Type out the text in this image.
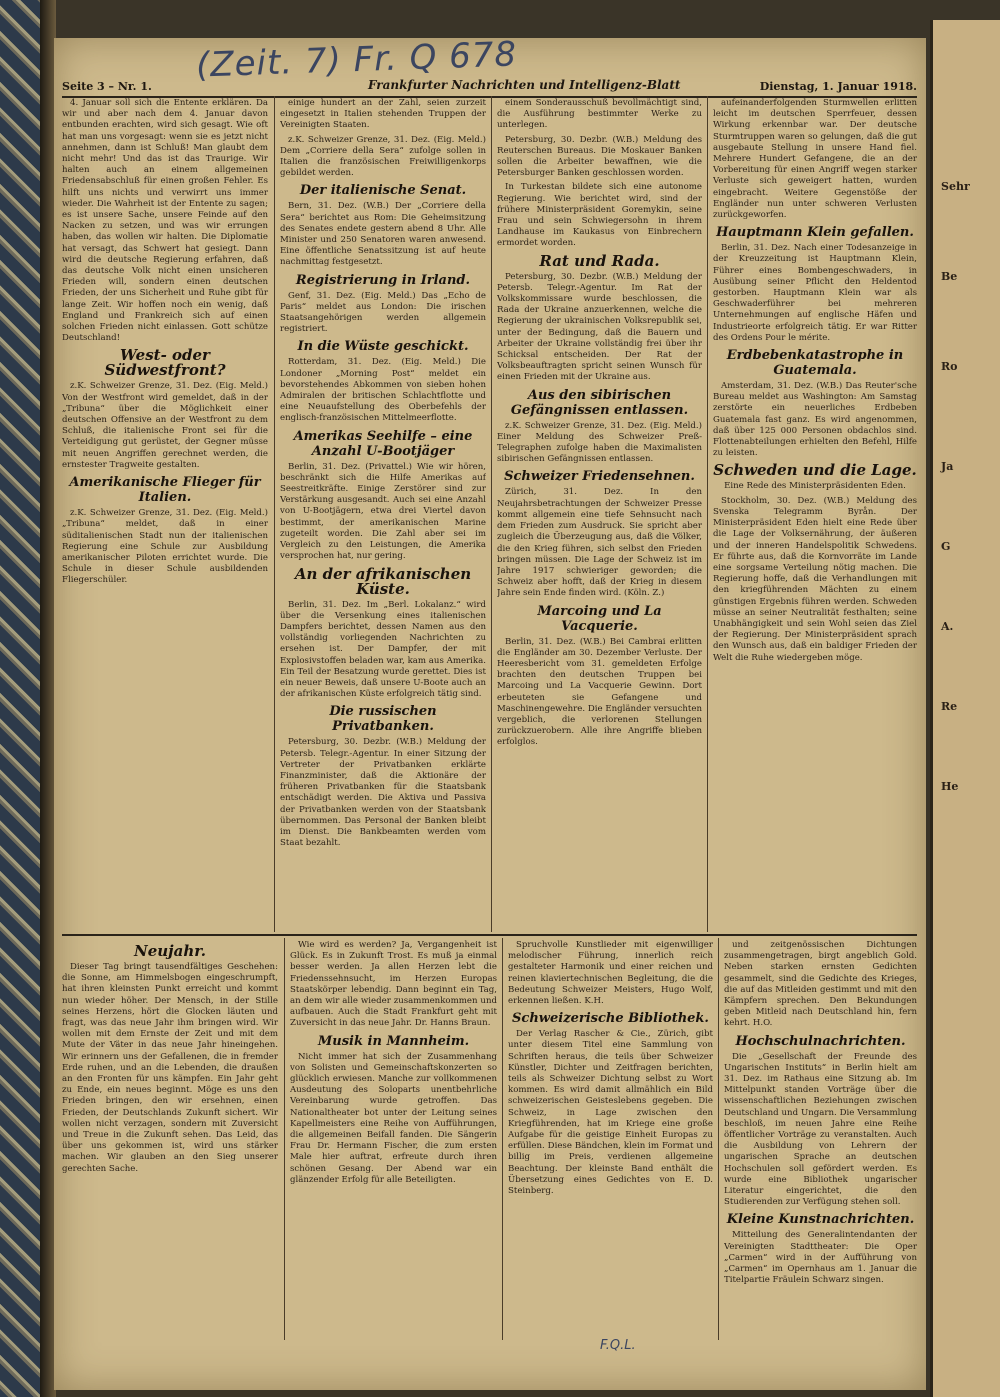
Sehr
Be
Ro
Ja
G
A.
Re
He
(Zeit. 7) Fr. Q 678
Seite 3 – Nr. 1.	Frankfurter Nachrichten und Intelligenz-Blatt	Dienstag, 1. Januar 1918.

4. Januar soll sich die Entente erklären. Da wir und aber nach dem 4. Januar davon entbunden erachten, wird sich gesagt. Wie oft hat man uns vorgesagt: wenn sie es jetzt nicht annehmen, dann ist Schluß! Man glaubt dem nicht mehr! Und das ist das Traurige. Wir halten auch an einem allgemeinen Friedensabschluß für einen großen Fehler. Es hilft uns nichts und verwirrt uns immer wieder. Die Wahrheit ist der Entente zu sagen; es ist unsere Sache, unsere Feinde auf den Nacken zu setzen, und was wir errungen haben, das wollen wir halten. Die Diplomatie hat versagt, das Schwert hat gesiegt. Dann wird die deutsche Regierung erfahren, daß das deutsche Volk nicht einen unsicheren Frieden will, sondern einen deutschen Frieden, der uns Sicherheit und Ruhe gibt für lange Zeit. Wir hoffen noch ein wenig, daß England und Frankreich sich auf einen solchen Frieden nicht einlassen. Gott schütze Deutschland!

West- oder Südwestfront?

z.K. Schweizer Grenze, 31. Dez. (Eig. Meld.) Von der Westfront wird gemeldet, daß in der „Tribuna“ über die Möglichkeit einer deutschen Offensive an der Westfront zu dem Schluß, die italienische Front sei für die Verteidigung gut gerüstet, der Gegner müsse mit neuen Angriffen gerechnet werden, die ernstester Tragweite gestalten.

Amerikanische Flieger für Italien.

z.K. Schweizer Grenze, 31. Dez. (Eig. Meld.) „Tribuna“ meldet, daß in einer süditalienischen Stadt nun der italienischen Regierung eine Schule zur Ausbildung amerikanischer Piloten errichtet wurde. Die Schule in dieser Schule ausbildenden Fliegerschüler.

einige hundert an der Zahl, seien zurzeit eingesetzt in Italien stehenden Truppen der Vereinigten Staaten.

z.K. Schweizer Grenze, 31. Dez. (Eig. Meld.) Dem „Corriere della Sera“ zufolge sollen in Italien die französischen Freiwilligenkorps gebildet werden.

Der italienische Senat.

Bern, 31. Dez. (W.B.) Der „Corriere della Sera“ berichtet aus Rom: Die Geheimsitzung des Senates endete gestern abend 8 Uhr. Alle Minister und 250 Senatoren waren anwesend. Eine öffentliche Senatssitzung ist auf heute nachmittag festgesetzt.

Registrierung in Irland.

Genf, 31. Dez. (Eig. Meld.) Das „Echo de Paris“ meldet aus London: Die irischen Staatsangehörigen werden allgemein registriert.

In die Wüste geschickt.

Rotterdam, 31. Dez. (Eig. Meld.) Die Londoner „Morning Post“ meldet ein bevorstehendes Abkommen von sieben hohen Admiralen der britischen Schlachtflotte und eine Neuaufstellung des Oberbefehls der englisch-französischen Mittelmeerflotte.

Amerikas Seehilfe – eine Anzahl U-Bootjäger

Berlin, 31. Dez. (Privattel.) Wie wir hören, beschränkt sich die Hilfe Amerikas auf Seestreitkräfte. Einige Zerstörer sind zur Verstärkung ausgesandt. Auch sei eine Anzahl von U-Bootjägern, etwa drei Viertel davon bestimmt, der amerikanischen Marine zugeteilt worden. Die Zahl aber sei im Vergleich zu den Leistungen, die Amerika versprochen hat, nur gering.

An der afrikanischen Küste.

Berlin, 31. Dez. Im „Berl. Lokalanz.“ wird über die Versenkung eines italienischen Dampfers berichtet, dessen Namen aus den vollständig vorliegenden Nachrichten zu ersehen ist. Der Dampfer, der mit Explosivstoffen beladen war, kam aus Amerika. Ein Teil der Besatzung wurde gerettet. Dies ist ein neuer Beweis, daß unsere U-Boote auch an der afrikanischen Küste erfolgreich tätig sind.

Die russischen Privatbanken.

Petersburg, 30. Dezbr. (W.B.) Meldung der Petersb. Telegr.-Agentur. In einer Sitzung der Vertreter der Privatbanken erklärte Finanzminister, daß die Aktionäre der früheren Privatbanken für die Staatsbank entschädigt werden. Die Aktiva und Passiva der Privatbanken werden von der Staatsbank übernommen. Das Personal der Banken bleibt im Dienst. Die Bankbeamten werden vom Staat bezahlt.

einem Sonderausschuß bevollmächtigt sind, die Ausführung bestimmter Werke zu unterlegen.

Petersburg, 30. Dezbr. (W.B.) Meldung des Reuterschen Bureaus. Die Moskauer Banken sollen die Arbeiter bewaffnen, wie die Petersburger Banken geschlossen worden.

In Turkestan bildete sich eine autonome Regierung. Wie berichtet wird, sind der frühere Ministerpräsident Goremykin, seine Frau und sein Schwiegersohn in ihrem Landhause im Kaukasus von Einbrechern ermordet worden.

Rat und Rada.

Petersburg, 30. Dezbr. (W.B.) Meldung der Petersb. Telegr.-Agentur. Im Rat der Volkskommissare wurde beschlossen, die Rada der Ukraine anzuerkennen, welche die Regierung der ukrainischen Volksrepublik sei, unter der Bedingung, daß die Bauern und Arbeiter der Ukraine vollständig frei über ihr Schicksal entscheiden. Der Rat der Volksbeauftragten spricht seinen Wunsch für einen Frieden mit der Ukraine aus.

Aus den sibirischen Gefängnissen entlassen.

z.K. Schweizer Grenze, 31. Dez. (Eig. Meld.) Einer Meldung des Schweizer Preß-Telegraphen zufolge haben die Maximalisten sibirischen Gefängnissen entlassen.

Schweizer Friedensehnen.

Zürich, 31. Dez. In den Neujahrsbetrachtungen der Schweizer Presse kommt allgemein eine tiefe Sehnsucht nach dem Frieden zum Ausdruck. Sie spricht aber zugleich die Überzeugung aus, daß die Völker, die den Krieg führen, sich selbst den Frieden bringen müssen. Die Lage der Schweiz ist im Jahre 1917 schwieriger geworden; die Schweiz aber hofft, daß der Krieg in diesem Jahre sein Ende finden wird. (Köln. Z.)

Marcoing und La Vacquerie.

Berlin, 31. Dez. (W.B.) Bei Cambrai erlitten die Engländer am 30. Dezember Verluste. Der Heeresbericht vom 31. gemeldeten Erfolge brachten den deutschen Truppen bei Marcoing und La Vacquerie Gewinn. Dort erbeuteten sie Gefangene und Maschinengewehre. Die Engländer versuchten vergeblich, die verlorenen Stellungen zurückzuerobern. Alle ihre Angriffe blieben erfolglos.

aufeinanderfolgenden Sturmwellen erlitten leicht im deutschen Sperrfeuer, dessen Wirkung erkennbar war. Der deutsche Sturmtruppen waren so gelungen, daß die gut ausgebaute Stellung in unsere Hand fiel. Mehrere Hundert Gefangene, die an der Vorbereitung für einen Angriff wegen starker Verluste sich geweigert hatten, wurden eingebracht. Weitere Gegenstöße der Engländer nun unter schweren Verlusten zurückgeworfen.

Hauptmann Klein gefallen.

Berlin, 31. Dez. Nach einer Todesanzeige in der Kreuzzeitung ist Hauptmann Klein, Führer eines Bombengeschwaders, in Ausübung seiner Pflicht den Heldentod gestorben. Hauptmann Klein war als Geschwaderführer bei mehreren Unternehmungen auf englische Häfen und Industrieorte erfolgreich tätig. Er war Ritter des Ordens Pour le mérite.

Erdbebenkatastrophe in Guatemala.

Amsterdam, 31. Dez. (W.B.) Das Reuter'sche Bureau meldet aus Washington: Am Samstag zerstörte ein neuerliches Erdbeben Guatemala fast ganz. Es wird angenommen, daß über 125 000 Personen obdachlos sind. Flottenabteilungen erhielten den Befehl, Hilfe zu leisten.

Schweden und die Lage.

Eine Rede des Ministerpräsidenten Eden.

Stockholm, 30. Dez. (W.B.) Meldung des Svenska Telegramm Byrån. Der Ministerpräsident Eden hielt eine Rede über die Lage der Volksernährung, der äußeren und der inneren Handelspolitik Schwedens. Er führte aus, daß die Kornvorräte im Lande eine sorgsame Verteilung nötig machen. Die Regierung hoffe, daß die Verhandlungen mit den kriegführenden Mächten zu einem günstigen Ergebnis führen werden. Schweden müsse an seiner Neutralität festhalten; seine Unabhängigkeit und sein Wohl seien das Ziel der Regierung. Der Ministerpräsident sprach den Wunsch aus, daß ein baldiger Frieden der Welt die Ruhe wiedergeben möge.

Neujahr.

Dieser Tag bringt tausendfältiges Geschehen: die Sonne, am Himmelsbogen eingeschrumpft, hat ihren kleinsten Punkt erreicht und kommt nun wieder höher. Der Mensch, in der Stille seines Herzens, hört die Glocken läuten und fragt, was das neue Jahr ihm bringen wird. Wir wollen mit dem Ernste der Zeit und mit dem Mute der Väter in das neue Jahr hineingehen. Wir erinnern uns der Gefallenen, die in fremder Erde ruhen, und an die Lebenden, die draußen an den Fronten für uns kämpfen. Ein Jahr geht zu Ende, ein neues beginnt. Möge es uns den Frieden bringen, den wir ersehnen, einen Frieden, der Deutschlands Zukunft sichert. Wir wollen nicht verzagen, sondern mit Zuversicht und Treue in die Zukunft sehen. Das Leid, das über uns gekommen ist, wird uns stärker machen. Wir glauben an den Sieg unserer gerechten Sache.

Wie wird es werden? Ja, Vergangenheit ist Glück. Es in Zukunft Trost. Es muß ja einmal besser werden. Ja allen Herzen lebt die Friedenssehnsucht, im Herzen Europas Staatskörper lebendig. Dann beginnt ein Tag, an dem wir alle wieder zusammenkommen und aufbauen. Auch die Stadt Frankfurt geht mit Zuversicht in das neue Jahr. Dr. Hanns Braun.

Musik in Mannheim.

Nicht immer hat sich der Zusammenhang von Solisten und Gemeinschaftskonzerten so glücklich erwiesen. Manche zur vollkommenen Ausdeutung des Soloparts unentbehrliche Vereinbarung wurde getroffen. Das Nationaltheater bot unter der Leitung seines Kapellmeisters eine Reihe von Aufführungen, die allgemeinen Beifall fanden. Die Sängerin Frau Dr. Hermann Fischer, die zum ersten Male hier auftrat, erfreute durch ihren schönen Gesang. Der Abend war ein glänzender Erfolg für alle Beteiligten.

Spruchvolle Kunstlieder mit eigenwilliger melodischer Führung, innerlich reich gestalteter Harmonik und einer reichen und reinen klaviertechnischen Begleitung, die die Bedeutung Schweizer Meisters, Hugo Wolf, erkennen ließen. K.H.

Schweizerische Bibliothek.

Der Verlag Rascher & Cie., Zürich, gibt unter diesem Titel eine Sammlung von Schriften heraus, die teils über Schweizer Künstler, Dichter und Zeitfragen berichten, teils als Schweizer Dichtung selbst zu Wort kommen. Es wird damit allmählich ein Bild schweizerischen Geisteslebens gegeben. Die Schweiz, in Lage zwischen den Kriegführenden, hat im Kriege eine große Aufgabe für die geistige Einheit Europas zu erfüllen. Diese Bändchen, klein im Format und billig im Preis, verdienen allgemeine Beachtung. Der kleinste Band enthält die Übersetzung eines Gedichtes von E. D. Steinberg.

und zeitgenössischen Dichtungen zusammengetragen, birgt angeblich Gold. Neben starken ernsten Gedichten gesammelt, sind die Gedichte des Krieges, die auf das Mitleiden gestimmt und mit den Kämpfern sprechen. Den Bekundungen geben Mitleid nach Deutschland hin, fern kehrt. H.O.

Hochschulnachrichten.

Die „Gesellschaft der Freunde des Ungarischen Instituts“ in Berlin hielt am 31. Dez. im Rathaus eine Sitzung ab. Im Mittelpunkt standen Vorträge über die wissenschaftlichen Beziehungen zwischen Deutschland und Ungarn. Die Versammlung beschloß, im neuen Jahre eine Reihe öffentlicher Vorträge zu veranstalten. Auch die Ausbildung von Lehrern der ungarischen Sprache an deutschen Hochschulen soll gefördert werden. Es wurde eine Bibliothek ungarischer Literatur eingerichtet, die den Studierenden zur Verfügung stehen soll.

Kleine Kunstnachrichten.

Mitteilung des Generalintendanten der Vereinigten Stadttheater: Die Oper „Carmen“ wird in der Aufführung von „Carmen“ im Opernhaus am 1. Januar die Titelpartie Fräulein Schwarz singen.

F.Q.L.
